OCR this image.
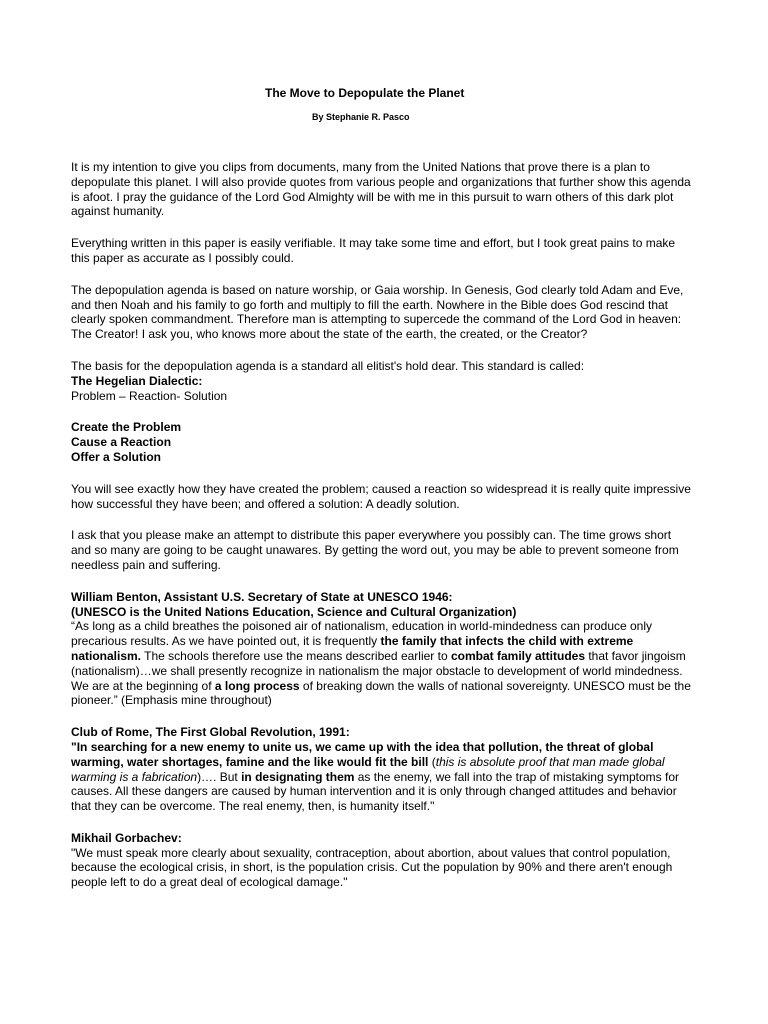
The Move to Depopulate the Planet
By Stephanie R. Pasco

It is my intention to give you clips from documents, many from the United Nations that prove there is a plan to depopulate this planet. I will also provide quotes from various people and organizations that further show this agenda is afoot. I pray the guidance of the Lord God Almighty will be with me in this pursuit to warn others of this dark plot against humanity.

Everything written in this paper is easily verifiable. It may take some time and effort, but I took great pains to make this paper as accurate as I possibly could.

The depopulation agenda is based on nature worship, or Gaia worship. In Genesis, God clearly told Adam and Eve, and then Noah and his family to go forth and multiply to fill the earth. Nowhere in the Bible does God rescind that clearly spoken commandment. Therefore man is attempting to supercede the command of the Lord God in heaven: The Creator! I ask you, who knows more about the state of the earth, the created, or the Creator?

The basis for the depopulation agenda is a standard all elitist's hold dear. This standard is called:
The Hegelian Dialectic:
Problem – Reaction- Solution

Create the Problem
Cause a Reaction
Offer a Solution

You will see exactly how they have created the problem; caused a reaction so widespread it is really quite impressive how successful they have been; and offered a solution: A deadly solution.

I ask that you please make an attempt to distribute this paper everywhere you possibly can. The time grows short and so many are going to be caught unawares. By getting the word out, you may be able to prevent someone from needless pain and suffering.

William Benton, Assistant U.S. Secretary of State at UNESCO 1946:
(UNESCO is the United Nations Education, Science and Cultural Organization)
“As long as a child breathes the poisoned air of nationalism, education in world-mindedness can produce only precarious results. As we have pointed out, it is frequently the family that infects the child with extreme nationalism. The schools therefore use the means described earlier to combat family attitudes that favor jingoism (nationalism)…we shall presently recognize in nationalism the major obstacle to development of world mindedness. We are at the beginning of a long process of breaking down the walls of national sovereignty. UNESCO must be the pioneer.” (Emphasis mine throughout)

Club of Rome, The First Global Revolution, 1991:
"In searching for a new enemy to unite us, we came up with the idea that pollution, the threat of global warming, water shortages, famine and the like would fit the bill (this is absolute proof that man made global warming is a fabrication)…. But in designating them as the enemy, we fall into the trap of mistaking symptoms for causes. All these dangers are caused by human intervention and it is only through changed attitudes and behavior that they can be overcome. The real enemy, then, is humanity itself."

Mikhail Gorbachev:
"We must speak more clearly about sexuality, contraception, about abortion, about values that control population, because the ecological crisis, in short, is the population crisis. Cut the population by 90% and there aren't enough people left to do a great deal of ecological damage."
